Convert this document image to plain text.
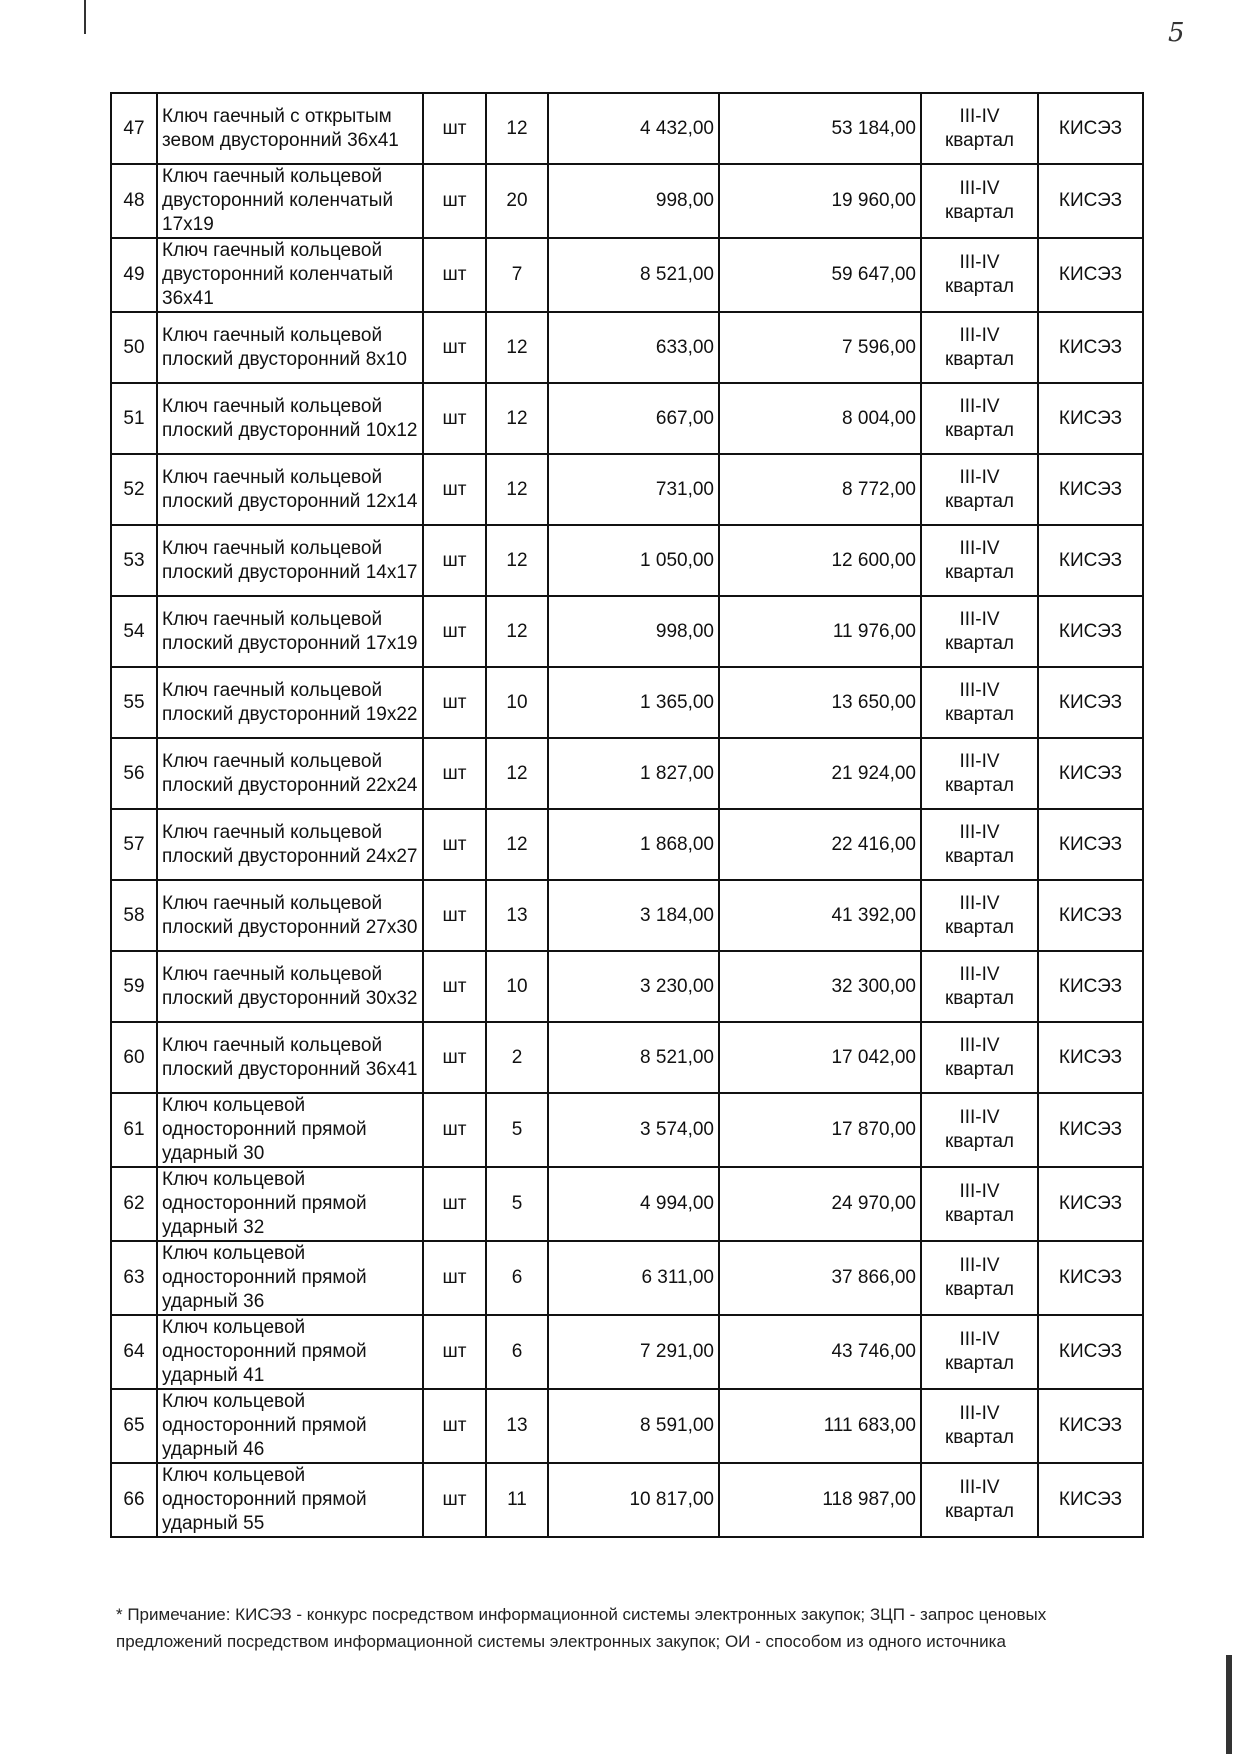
5
47	Ключ гаечный с открытым зевом двусторонний 36х41	шт	12	4 432,00	53 184,00	III-IV квартал	КИСЭЗ
48	Ключ гаечный кольцевой двусторонний коленчатый 17х19	шт	20	998,00	19 960,00	III-IV квартал	КИСЭЗ
49	Ключ гаечный кольцевой двусторонний коленчатый 36х41	шт	7	8 521,00	59 647,00	III-IV квартал	КИСЭЗ
50	Ключ гаечный кольцевой плоский двусторонний 8х10	шт	12	633,00	7 596,00	III-IV квартал	КИСЭЗ
51	Ключ гаечный кольцевой плоский двусторонний 10х12	шт	12	667,00	8 004,00	III-IV квартал	КИСЭЗ
52	Ключ гаечный кольцевой плоский двусторонний 12х14	шт	12	731,00	8 772,00	III-IV квартал	КИСЭЗ
53	Ключ гаечный кольцевой плоский двусторонний 14х17	шт	12	1 050,00	12 600,00	III-IV квартал	КИСЭЗ
54	Ключ гаечный кольцевой плоский двусторонний 17х19	шт	12	998,00	11 976,00	III-IV квартал	КИСЭЗ
55	Ключ гаечный кольцевой плоский двусторонний 19х22	шт	10	1 365,00	13 650,00	III-IV квартал	КИСЭЗ
56	Ключ гаечный кольцевой плоский двусторонний 22х24	шт	12	1 827,00	21 924,00	III-IV квартал	КИСЭЗ
57	Ключ гаечный кольцевой плоский двусторонний 24х27	шт	12	1 868,00	22 416,00	III-IV квартал	КИСЭЗ
58	Ключ гаечный кольцевой плоский двусторонний 27х30	шт	13	3 184,00	41 392,00	III-IV квартал	КИСЭЗ
59	Ключ гаечный кольцевой плоский двусторонний 30х32	шт	10	3 230,00	32 300,00	III-IV квартал	КИСЭЗ
60	Ключ гаечный кольцевой плоский двусторонний 36х41	шт	2	8 521,00	17 042,00	III-IV квартал	КИСЭЗ
61	Ключ кольцевой односторонний прямой ударный 30	шт	5	3 574,00	17 870,00	III-IV квартал	КИСЭЗ
62	Ключ кольцевой односторонний прямой ударный 32	шт	5	4 994,00	24 970,00	III-IV квартал	КИСЭЗ
63	Ключ кольцевой односторонний прямой ударный 36	шт	6	6 311,00	37 866,00	III-IV квартал	КИСЭЗ
64	Ключ кольцевой односторонний прямой ударный 41	шт	6	7 291,00	43 746,00	III-IV квартал	КИСЭЗ
65	Ключ кольцевой односторонний прямой ударный 46	шт	13	8 591,00	111 683,00	III-IV квартал	КИСЭЗ
66	Ключ кольцевой односторонний прямой ударный 55	шт	11	10 817,00	118 987,00	III-IV квартал	КИСЭЗ
* Примечание: КИСЭЗ - конкурс посредством информационной системы электронных закупок; ЗЦП - запрос ценовых предложений посредством информационной системы электронных закупок; ОИ - способом из одного источника
